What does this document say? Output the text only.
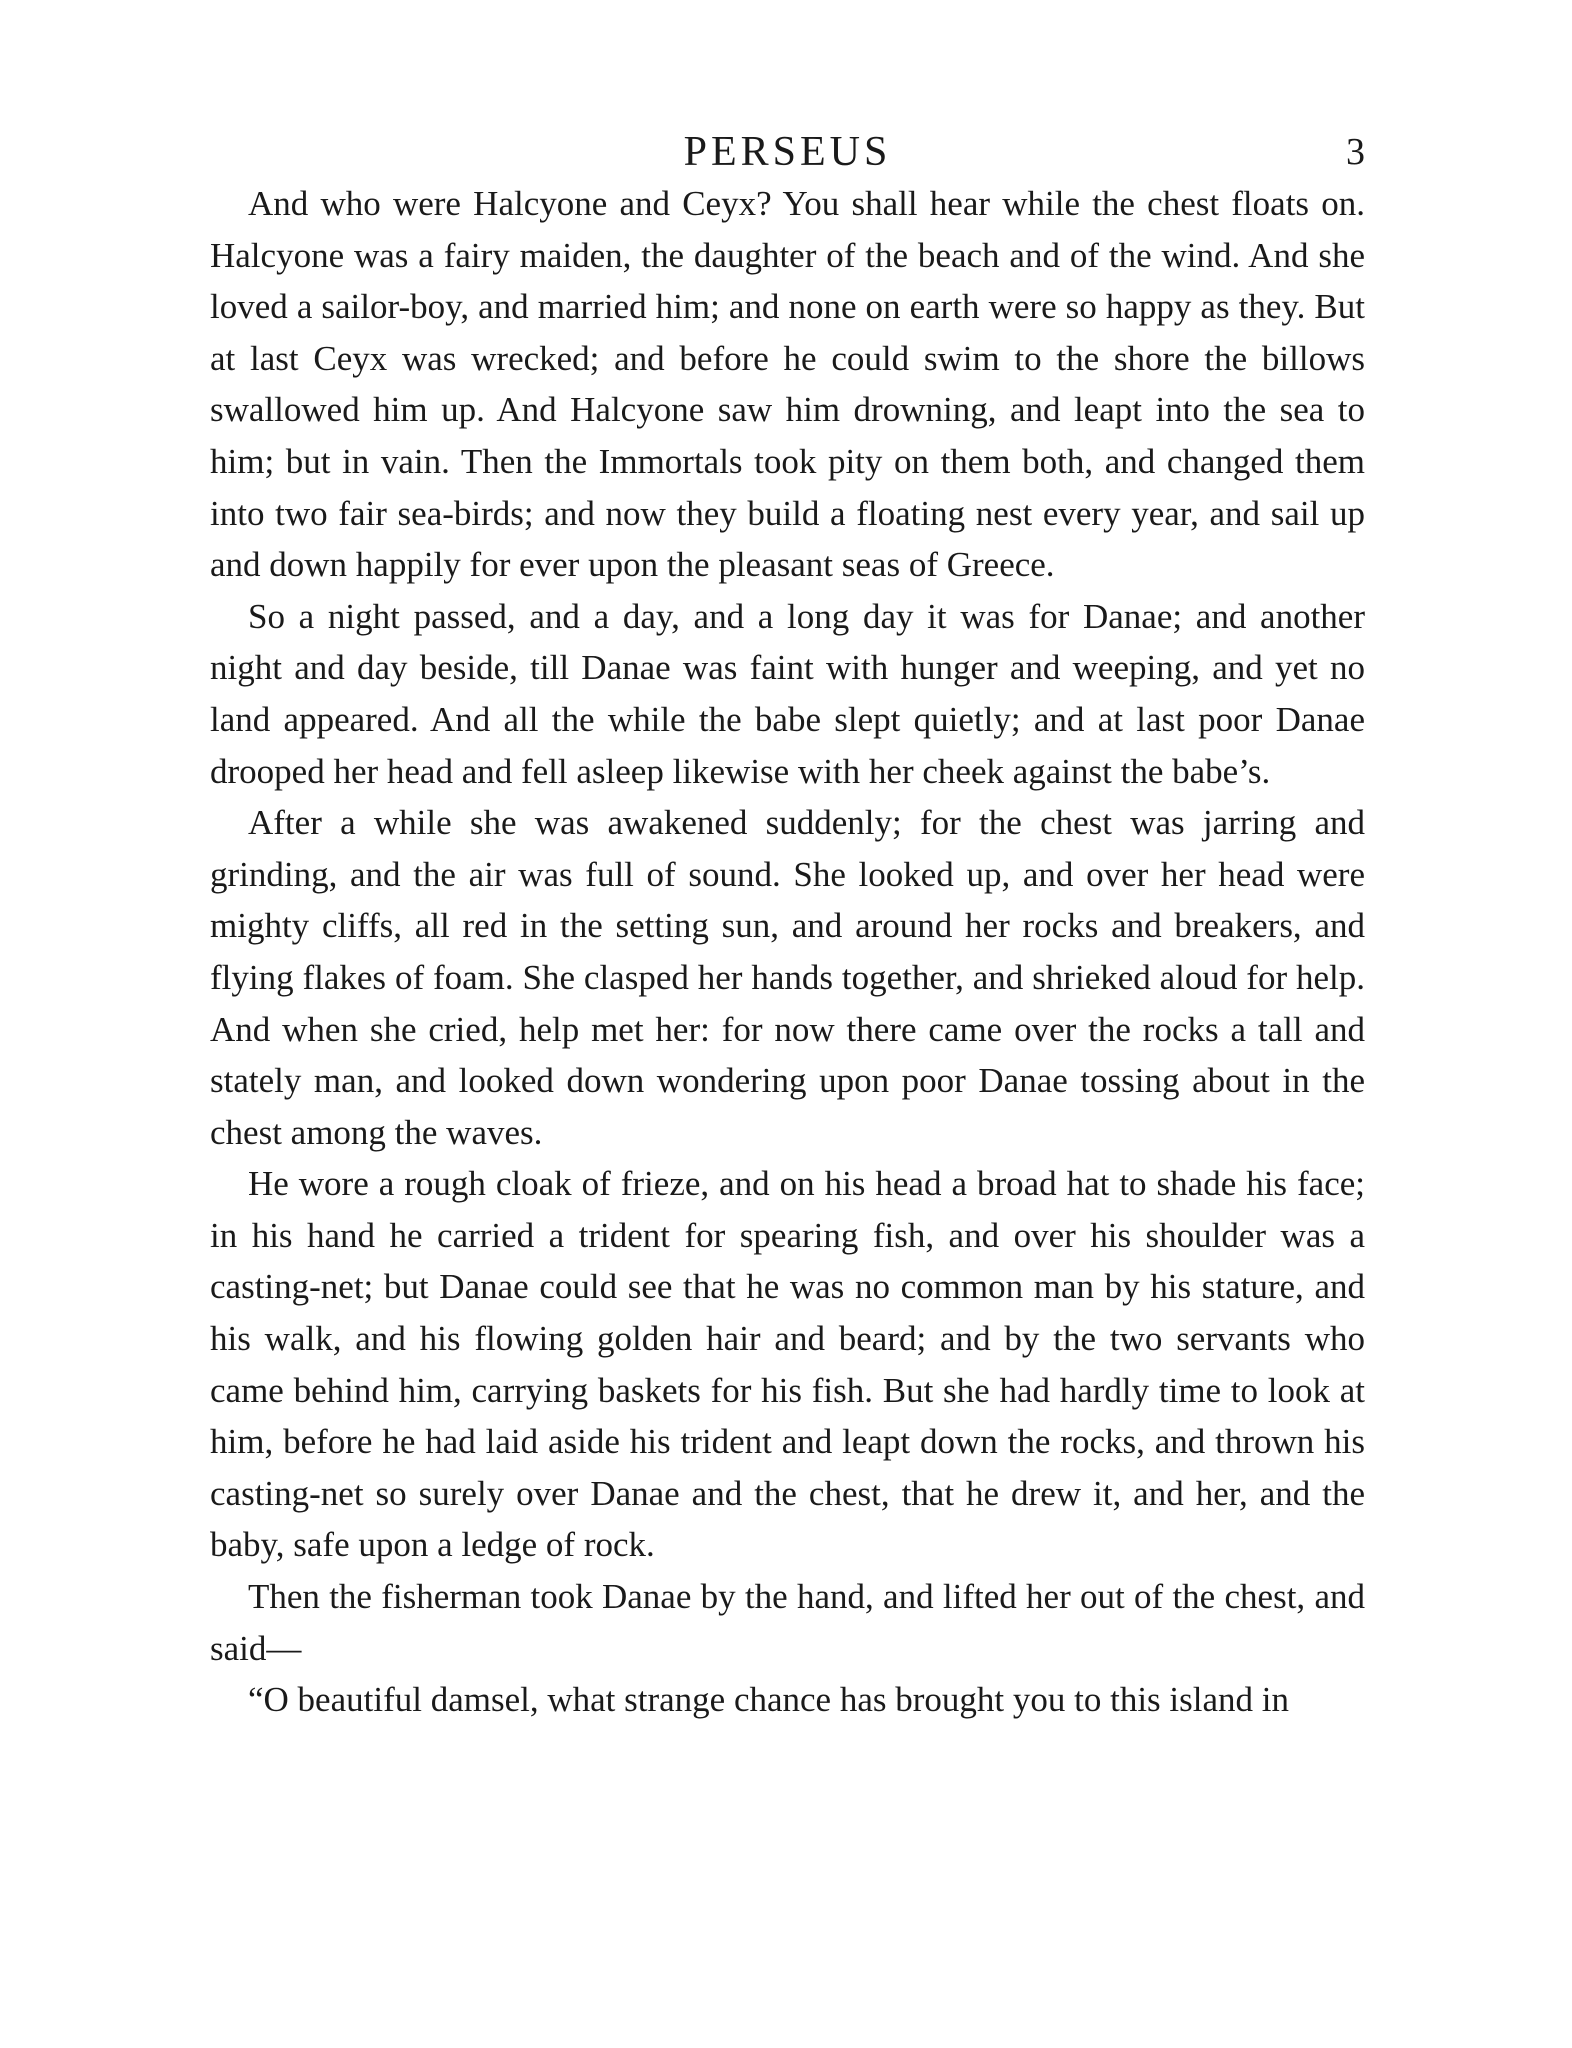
PERSEUS	3

And who were Halcyone and Ceyx? You shall hear while the chest floats on. Halcyone was a fairy maiden, the daughter of the beach and of the wind. And she loved a sailor-boy, and married him; and none on earth were so happy as they. But at last Ceyx was wrecked; and before he could swim to the shore the billows swallowed him up. And Halcyone saw him drowning, and leapt into the sea to him; but in vain. Then the Immortals took pity on them both, and changed them into two fair sea-birds; and now they build a floating nest every year, and sail up and down happily for ever upon the pleasant seas of Greece.

So a night passed, and a day, and a long day it was for Danae; and another night and day beside, till Danae was faint with hunger and weeping, and yet no land appeared. And all the while the babe slept quietly; and at last poor Danae drooped her head and fell asleep likewise with her cheek against the babe’s.

After a while she was awakened suddenly; for the chest was jarring and grinding, and the air was full of sound. She looked up, and over her head were mighty cliffs, all red in the setting sun, and around her rocks and breakers, and flying flakes of foam. She clasped her hands together, and shrieked aloud for help. And when she cried, help met her: for now there came over the rocks a tall and stately man, and looked down wondering upon poor Danae tossing about in the chest among the waves.

He wore a rough cloak of frieze, and on his head a broad hat to shade his face; in his hand he carried a trident for spearing fish, and over his shoulder was a casting-net; but Danae could see that he was no common man by his stature, and his walk, and his flowing golden hair and beard; and by the two servants who came behind him, carrying baskets for his fish. But she had hardly time to look at him, before he had laid aside his trident and leapt down the rocks, and thrown his casting-net so surely over Danae and the chest, that he drew it, and her, and the baby, safe upon a ledge of rock.

Then the fisherman took Danae by the hand, and lifted her out of the chest, and said—

“O beautiful damsel, what strange chance has brought you to this island in
